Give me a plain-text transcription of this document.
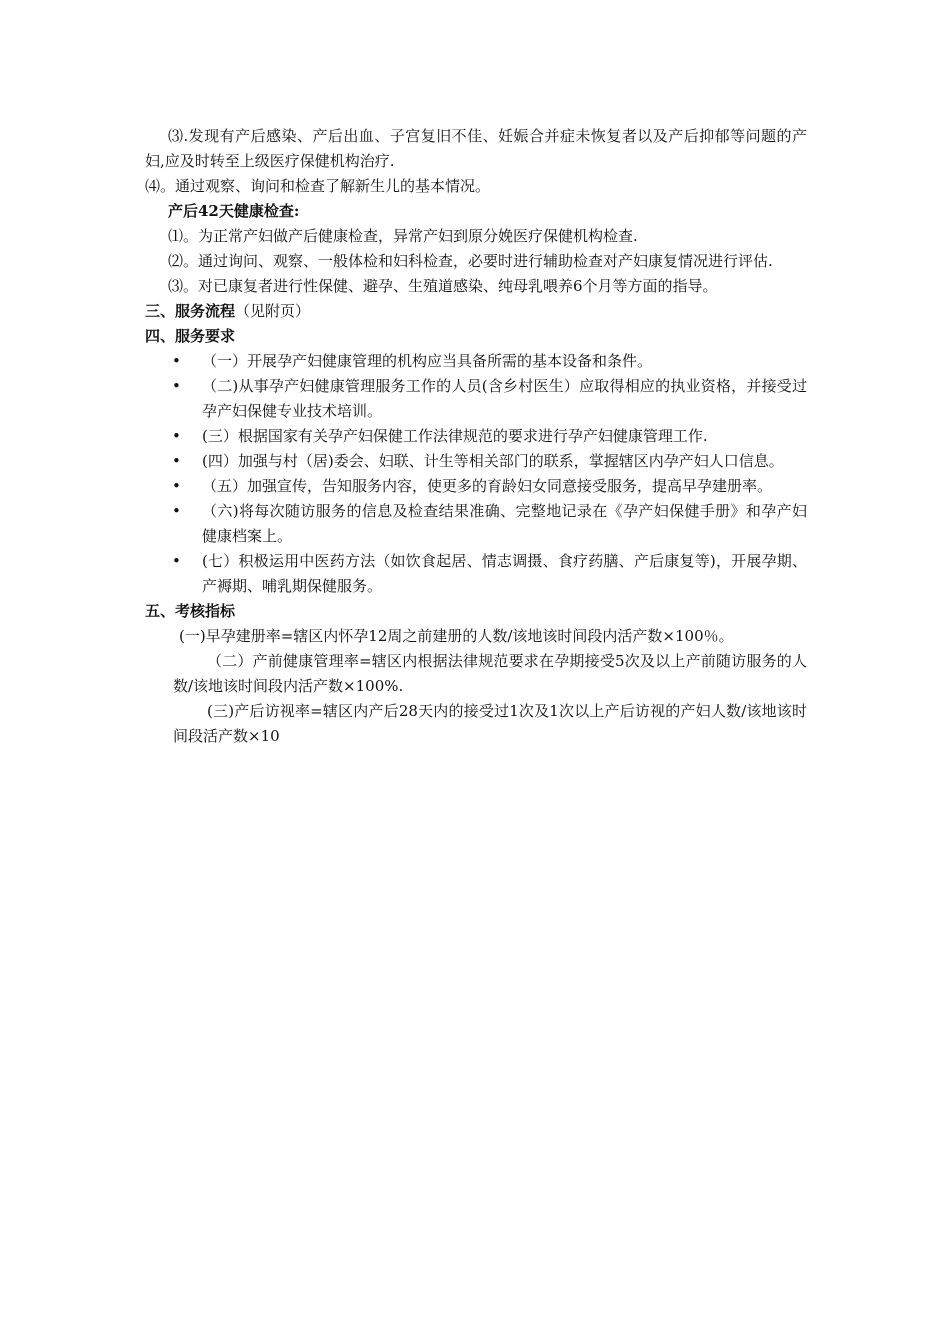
⑶.发现有产后感染、产后出血、子宫复旧不佳、妊娠合并症未恢复者以及产后抑郁等问题的产妇,应及时转至上级医疗保健机构治疗.

⑷。通过观察、询问和检查了解新生儿的基本情况。

产后42天健康检查:

⑴。为正常产妇做产后健康检查，异常产妇到原分娩医疗保健机构检查.

⑵。通过询问、观察、一般体检和妇科检查，必要时进行辅助检查对产妇康复情况进行评估.

⑶。对已康复者进行性保健、避孕、生殖道感染、纯母乳喂养6个月等方面的指导。

三、服务流程（见附页）

四、服务要求

• （一）开展孕产妇健康管理的机构应当具备所需的基本设备和条件。
• （二)从事孕产妇健康管理服务工作的人员(含乡村医生）应取得相应的执业资格，并接受过孕产妇保健专业技术培训。
• (三）根据国家有关孕产妇保健工作法律规范的要求进行孕产妇健康管理工作.
• (四）加强与村（居)委会、妇联、计生等相关部门的联系，掌握辖区内孕产妇人口信息。
• （五）加强宣传，告知服务内容，使更多的育龄妇女同意接受服务，提高早孕建册率。
• （六)将每次随访服务的信息及检查结果准确、完整地记录在《孕产妇保健手册》和孕产妇健康档案上。
• (七）积极运用中医药方法（如饮食起居、情志调摄、食疗药膳、产后康复等)，开展孕期、产褥期、哺乳期保健服务。

五、考核指标

(一)早孕建册率=辖区内怀孕12周之前建册的人数/该地该时间段内活产数×100％。

（二）产前健康管理率=辖区内根据法律规范要求在孕期接受5次及以上产前随访服务的人数/该地该时间段内活产数×100%.

(三)产后访视率=辖区内产后28天内的接受过1次及1次以上产后访视的产妇人数/该地该时间段活产数×10
